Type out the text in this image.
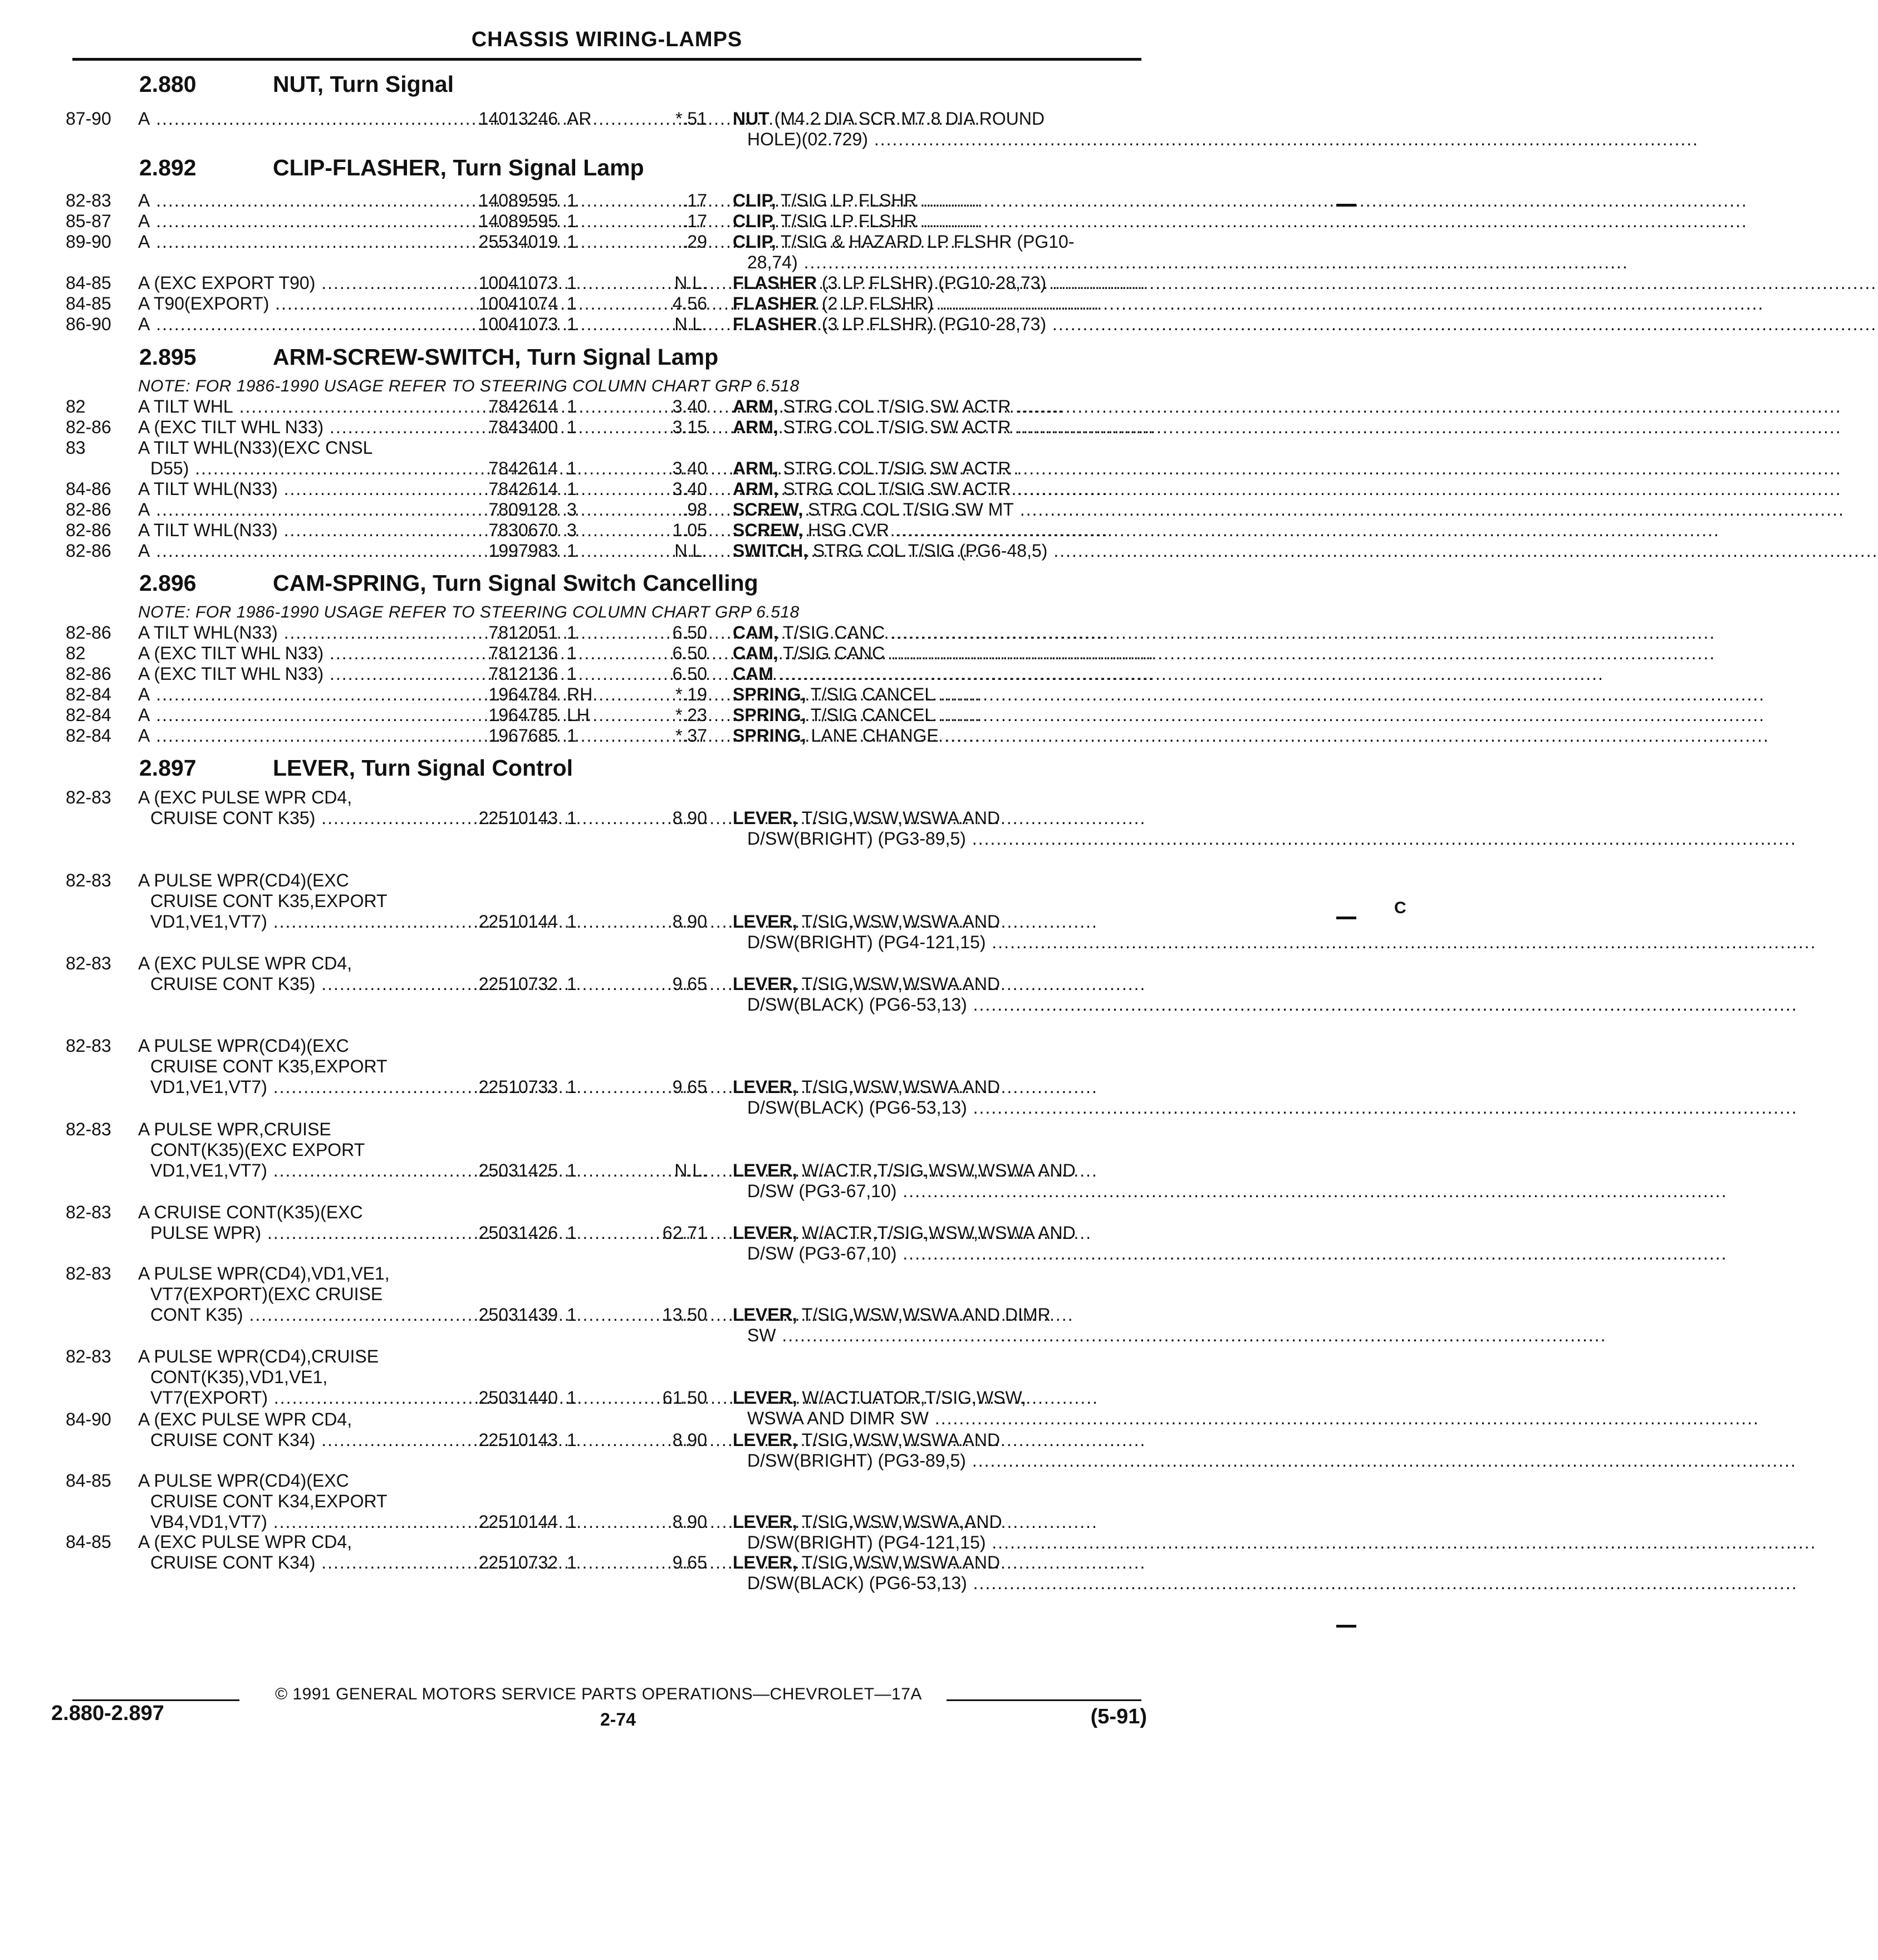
CHASSIS WIRING-LAMPS
2.880	NUT, Turn Signal
87-90	A .....	14013246 AR	*.51 NUT (M4.2 DIA SCR M7.8 DIA ROUND
HOLE)(02.729) .....
2.892	CLIP-FLASHER, Turn Signal Lamp
82-83	A .....	14089595 1	.17 CLIP, T/SIG LP FLSHR .....
85-87	A .....	14089595 1	.17 CLIP, T/SIG LP FLSHR .....
89-90	A .....	25534019 1	.29 CLIP, T/SIG & HAZARD LP FLSHR (PG10-
28,74) .....
84-85	A (EXC EXPORT T90) .....	10041073 1	N.L. FLASHER (3 LP FLSHR) (PG10-28,73) .....
84-85	A T90(EXPORT) .....	10041074 1	4.56 FLASHER (2 LP FLSHR) .....
86-90	A .....	10041073 1	N.L. FLASHER (3 LP FLSHR) (PG10-28,73) .....
2.895	ARM-SCREW-SWITCH, Turn Signal Lamp
NOTE: FOR 1986-1990 USAGE REFER TO STEERING COLUMN CHART GRP 6.518
82	A TILT WHL .....	7842614 1	3.40 ARM, STRG COL T/SIG SW ACTR .....
82-86	A (EXC TILT WHL N33) .....	7843400 1	3.15 ARM, STRG COL T/SIG SW ACTR .....
83	A TILT WHL(N33)(EXC CNSL
D55) .....	7842614 1	3.40 ARM, STRG COL T/SIG SW ACTR .....
84-86	A TILT WHL(N33) .....	7842614 1	3.40 ARM, STRG COL T/SIG SW ACTR .....
82-86	A .....	7809128 3	.98 SCREW, STRG COL T/SIG SW MT .....
82-86	A TILT WHL(N33) .....	7830670 3	1.05 SCREW, HSG CVR .....
82-86	A .....	1997983 1	N.L. SWITCH, STRG COL T/SIG (PG6-48,5) .....
2.896	CAM-SPRING, Turn Signal Switch Cancelling
NOTE: FOR 1986-1990 USAGE REFER TO STEERING COLUMN CHART GRP 6.518
82-86	A TILT WHL(N33) .....	7812051 1	6.50 CAM, T/SIG CANC .....
82	A (EXC TILT WHL N33) .....	7812136 1	6.50 CAM, T/SIG CANC .....
82-86	A (EXC TILT WHL N33) .....	7812136 1	6.50 CAM .....
82-84	A .....	1964784 RH	*.19 SPRING, T/SIG CANCEL .....
82-84	A .....	1964785 LH	*.23 SPRING, T/SIG CANCEL .....
82-84	A .....	1967685 1	*.37 SPRING, LANE CHANGE .....
2.897	LEVER, Turn Signal Control
82-83	A (EXC PULSE WPR CD4,
CRUISE CONT K35) .....	22510143 1	8.90 LEVER, T/SIG,WSW,WSWA AND
D/SW(BRIGHT) (PG3-89,5) .....
82-83	A PULSE WPR(CD4)(EXC
CRUISE CONT K35,EXPORT
VD1,VE1,VT7) .....	22510144 1	8.90 LEVER, T/SIG,WSW,WSWA AND
D/SW(BRIGHT) (PG4-121,15) .....
82-83	A (EXC PULSE WPR CD4,
CRUISE CONT K35) .....	22510732 1	9.65 LEVER, T/SIG,WSW,WSWA AND
D/SW(BLACK) (PG6-53,13) .....
82-83	A PULSE WPR(CD4)(EXC
CRUISE CONT K35,EXPORT
VD1,VE1,VT7) .....	22510733 1	9.65 LEVER, T/SIG,WSW,WSWA AND
D/SW(BLACK) (PG6-53,13) .....
82-83	A PULSE WPR,CRUISE
CONT(K35)(EXC EXPORT
VD1,VE1,VT7) .....	25031425 1	N.L. LEVER, W/ACTR,T/SIG,WSW,WSWA AND
D/SW (PG3-67,10) .....
82-83	A CRUISE CONT(K35)(EXC
PULSE WPR) .....	25031426 1	62.71 LEVER, W/ACTR,T/SIG,WSW,WSWA AND
D/SW (PG3-67,10) .....
82-83	A PULSE WPR(CD4),VD1,VE1,
VT7(EXPORT)(EXC CRUISE
CONT K35) .....	25031439 1	13.50 LEVER, T/SIG,WSW,WSWA AND DIMR
SW .....
82-83	A PULSE WPR(CD4),CRUISE
CONT(K35),VD1,VE1,
VT7(EXPORT) .....	25031440 1	61.50 LEVER, W/ACTUATOR,T/SIG,WSW,
WSWA AND DIMR SW .....
84-90	A (EXC PULSE WPR CD4,
CRUISE CONT K34) .....	22510143 1	8.90 LEVER, T/SIG,WSW,WSWA AND
D/SW(BRIGHT) (PG3-89,5) .....
84-85	A PULSE WPR(CD4)(EXC
CRUISE CONT K34,EXPORT
VB4,VD1,VT7) .....	22510144 1	8.90 LEVER, T/SIG,WSW,WSWA,AND
D/SW(BRIGHT) (PG4-121,15) .....
84-85	A (EXC PULSE WPR CD4,
CRUISE CONT K34) .....	22510732 1	9.65 LEVER, T/SIG,WSW,WSWA AND
D/SW(BLACK) (PG6-53,13) .....
© 1991 GENERAL MOTORS SERVICE PARTS OPERATIONS—CHEVROLET—17A
2.880-2.897	2-74	(5-91)
C
